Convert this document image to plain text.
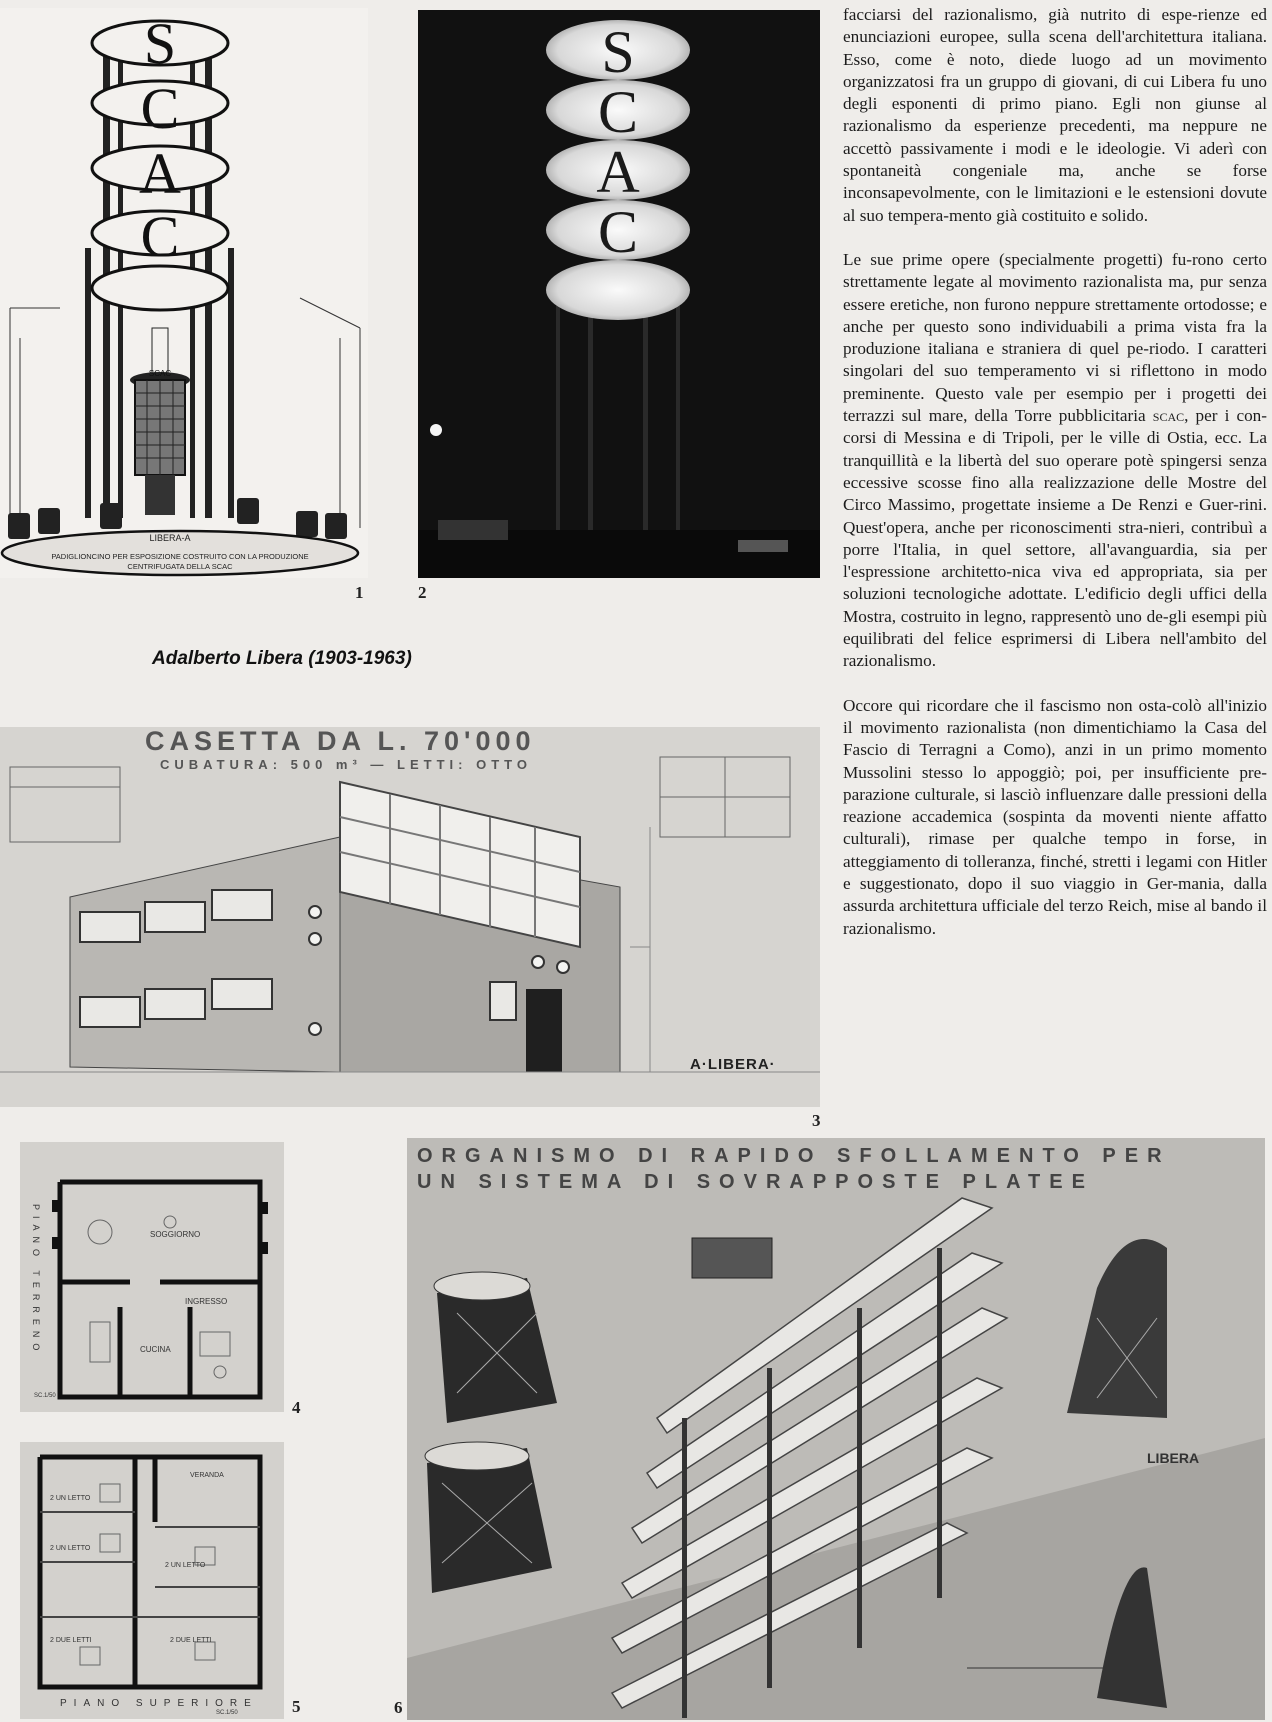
S
C
A
C
SCAC
LIBERA-A
PADIGLIONCINO PER ESPOSIZIONE COSTRUITO CON LA PRODUZIONE
CENTRIFUGATA DELLA SCAC
1
S
C
A
C
2
Adalberto Libera (1903-1963)
CASETTA DA L. 70'000
CUBATURA: 500 m³ — LETTI: OTTO
A·LIBERA·
3
SOGGIORNO
INGRESSO
CUCINA
PIANO TERRENO
SC.1/50
4
VERANDA
2 UN LETTO
2 UN LETTO
2 UN LETTO
2 DUE LETTI	2 DUE LETTI
PIANO SUPERIORE
SC.1/50	5
ORGANISMO DI RAPIDO SFOLLAMENTO PER
UN SISTEMA DI SOVRAPPOSTE PLATEE
LIBERA
6

facciarsi del razionalismo, già nutrito di espe-rienze ed enunciazioni europee, sulla scena dell'architettura italiana. Esso, come è noto, diede luogo ad un movimento organizzatosi fra un gruppo di giovani, di cui Libera fu uno degli esponenti di primo piano. Egli non giunse al razionalismo da esperienze precedenti, ma neppure ne accettò passivamente i modi e le ideologie. Vi aderì con spontaneità congeniale ma, anche se forse inconsapevolmente, con le limitazioni e le estensioni dovute al suo tempera-mento già costituito e solido.

Le sue prime opere (specialmente progetti) fu-rono certo strettamente legate al movimento razionalista ma, pur senza essere eretiche, non furono neppure strettamente ortodosse; e anche per questo sono individuabili a prima vista fra la produzione italiana e straniera di quel pe-riodo. I caratteri singolari del suo temperamento vi si riflettono in modo preminente. Questo vale per esempio per i progetti dei terrazzi sul mare, della Torre pubblicitaria scac, per i con-corsi di Messina e di Tripoli, per le ville di Ostia, ecc. La tranquillità e la libertà del suo operare potè spingersi senza eccessive scosse fino alla realizzazione delle Mostre del Circo Massimo, progettate insieme a De Renzi e Guer-rini. Quest'opera, anche per riconoscimenti stra-nieri, contribuì a porre l'Italia, in quel settore, all'avanguardia, sia per l'espressione architetto-nica viva ed appropriata, sia per soluzioni tecnologiche adottate. L'edificio degli uffici della Mostra, costruito in legno, rappresentò uno de-gli esempi più equilibrati del felice esprimersi di Libera nell'ambito del razionalismo.

Occore qui ricordare che il fascismo non osta-colò all'inizio il movimento razionalista (non dimentichiamo la Casa del Fascio di Terragni a Como), anzi in un primo momento Mussolini stesso lo appoggiò; poi, per insufficiente pre-parazione culturale, si lasciò influenzare dalle pressioni della reazione accademica (sospinta da moventi niente affatto culturali), rimase per qualche tempo in forse, in atteggiamento di tolleranza, finché, stretti i legami con Hitler e suggestionato, dopo il suo viaggio in Ger-mania, dalla assurda architettura ufficiale del terzo Reich, mise al bando il razionalismo.
